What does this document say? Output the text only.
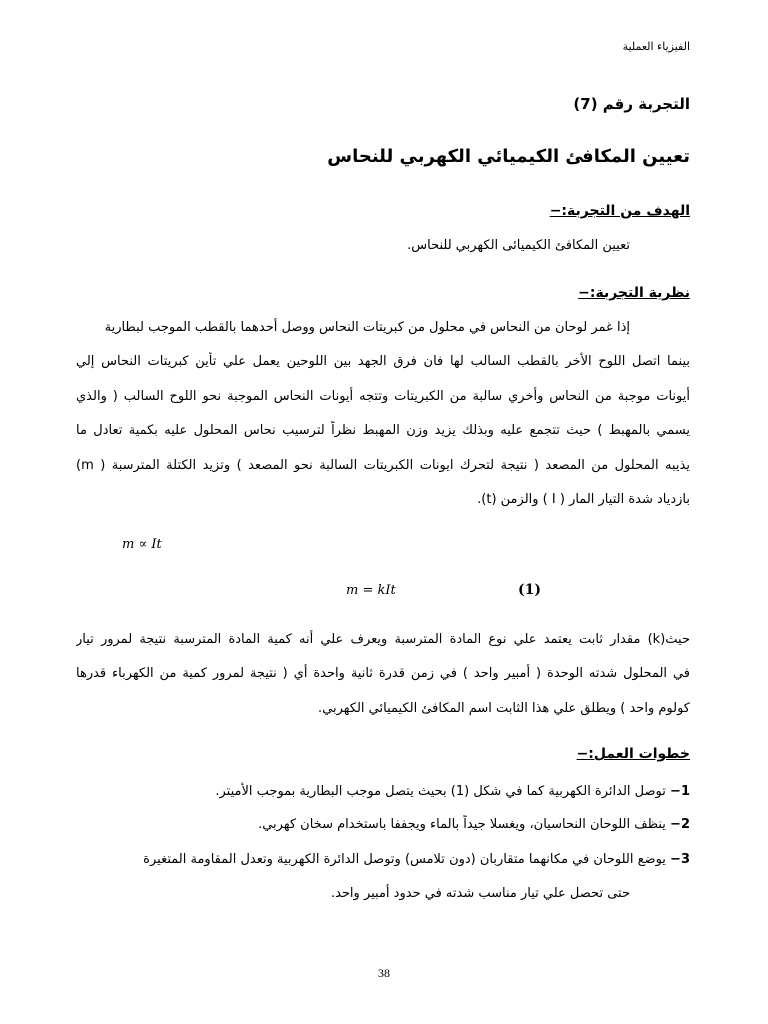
الفيزياء العملية
التجربة رقم (7)
تعيين المكافئ الكيميائي الكهربي للنحاس
الهدف من التجربة:−
تعيين المكافئ الكيميائى الكهربي للنحاس.
نظرية التجربة:−
إذا غمر لوحان من النحاس في محلول من كبريتات النحاس ووصل أحدهما بالقطب الموجب لبطارية
بينما اتصل اللوح الأخر بالقطب السالب لها فان فرق الجهد بين اللوحين يعمل علي تأين كبريتات النحاس إلي
أيونات موجبة من النحاس وأخري سالبة من الكبريتات وتتجه أيونات النحاس الموجبة نحو اللوح السالب ( والذي
يسمي بالمهبط ) حيث تتجمع عليه وبذلك يزيد وزن المهبط نظراً لترسيب نحاس المحلول عليه بكمية تعادل ما
يذيبه المحلول من المصعد ( نتيجة لتحرك ايونات الكبريتات السالبة نحو المصعد ) وتزيد الكتلة المترسبة ( m)
بازدياد شدة التيار المار ( I ) والزمن (t).
m ∝ It
m = kIt	(1)
حيث(k) مقدار ثابت يعتمد علي نوع المادة المترسبة ويعرف علي أنه كمية المادة المترسبة نتيجة لمرور تيار
في المحلول شدته الوحدة ( أمبير واحد ) في زمن قدرة ثانية واحدة أي ( نتيجة لمرور كمية من الكهرباء قدرها
كولوم واحد ) ويطلق علي هذا الثابت اسم المكافئ الكيميائي الكهربي.
خطوات العمل:−
1− توصل الدائرة الكهربية كما في شكل (1) بحيث يتصل موجب البطارية بموجب الأميتر.
2− ينظف اللوحان النحاسيان، ويغسلا جيداً بالماء ويجففا باستخدام سخان كهربي.
3− يوضع اللوحان في مكانهما متقاربان (دون تلامس) وتوصل الدائرة الكهربية وتعدل المقاومة المتغيرة
حتى تحصل علي تيار مناسب شدته في حدود أمبير واحد.
38
